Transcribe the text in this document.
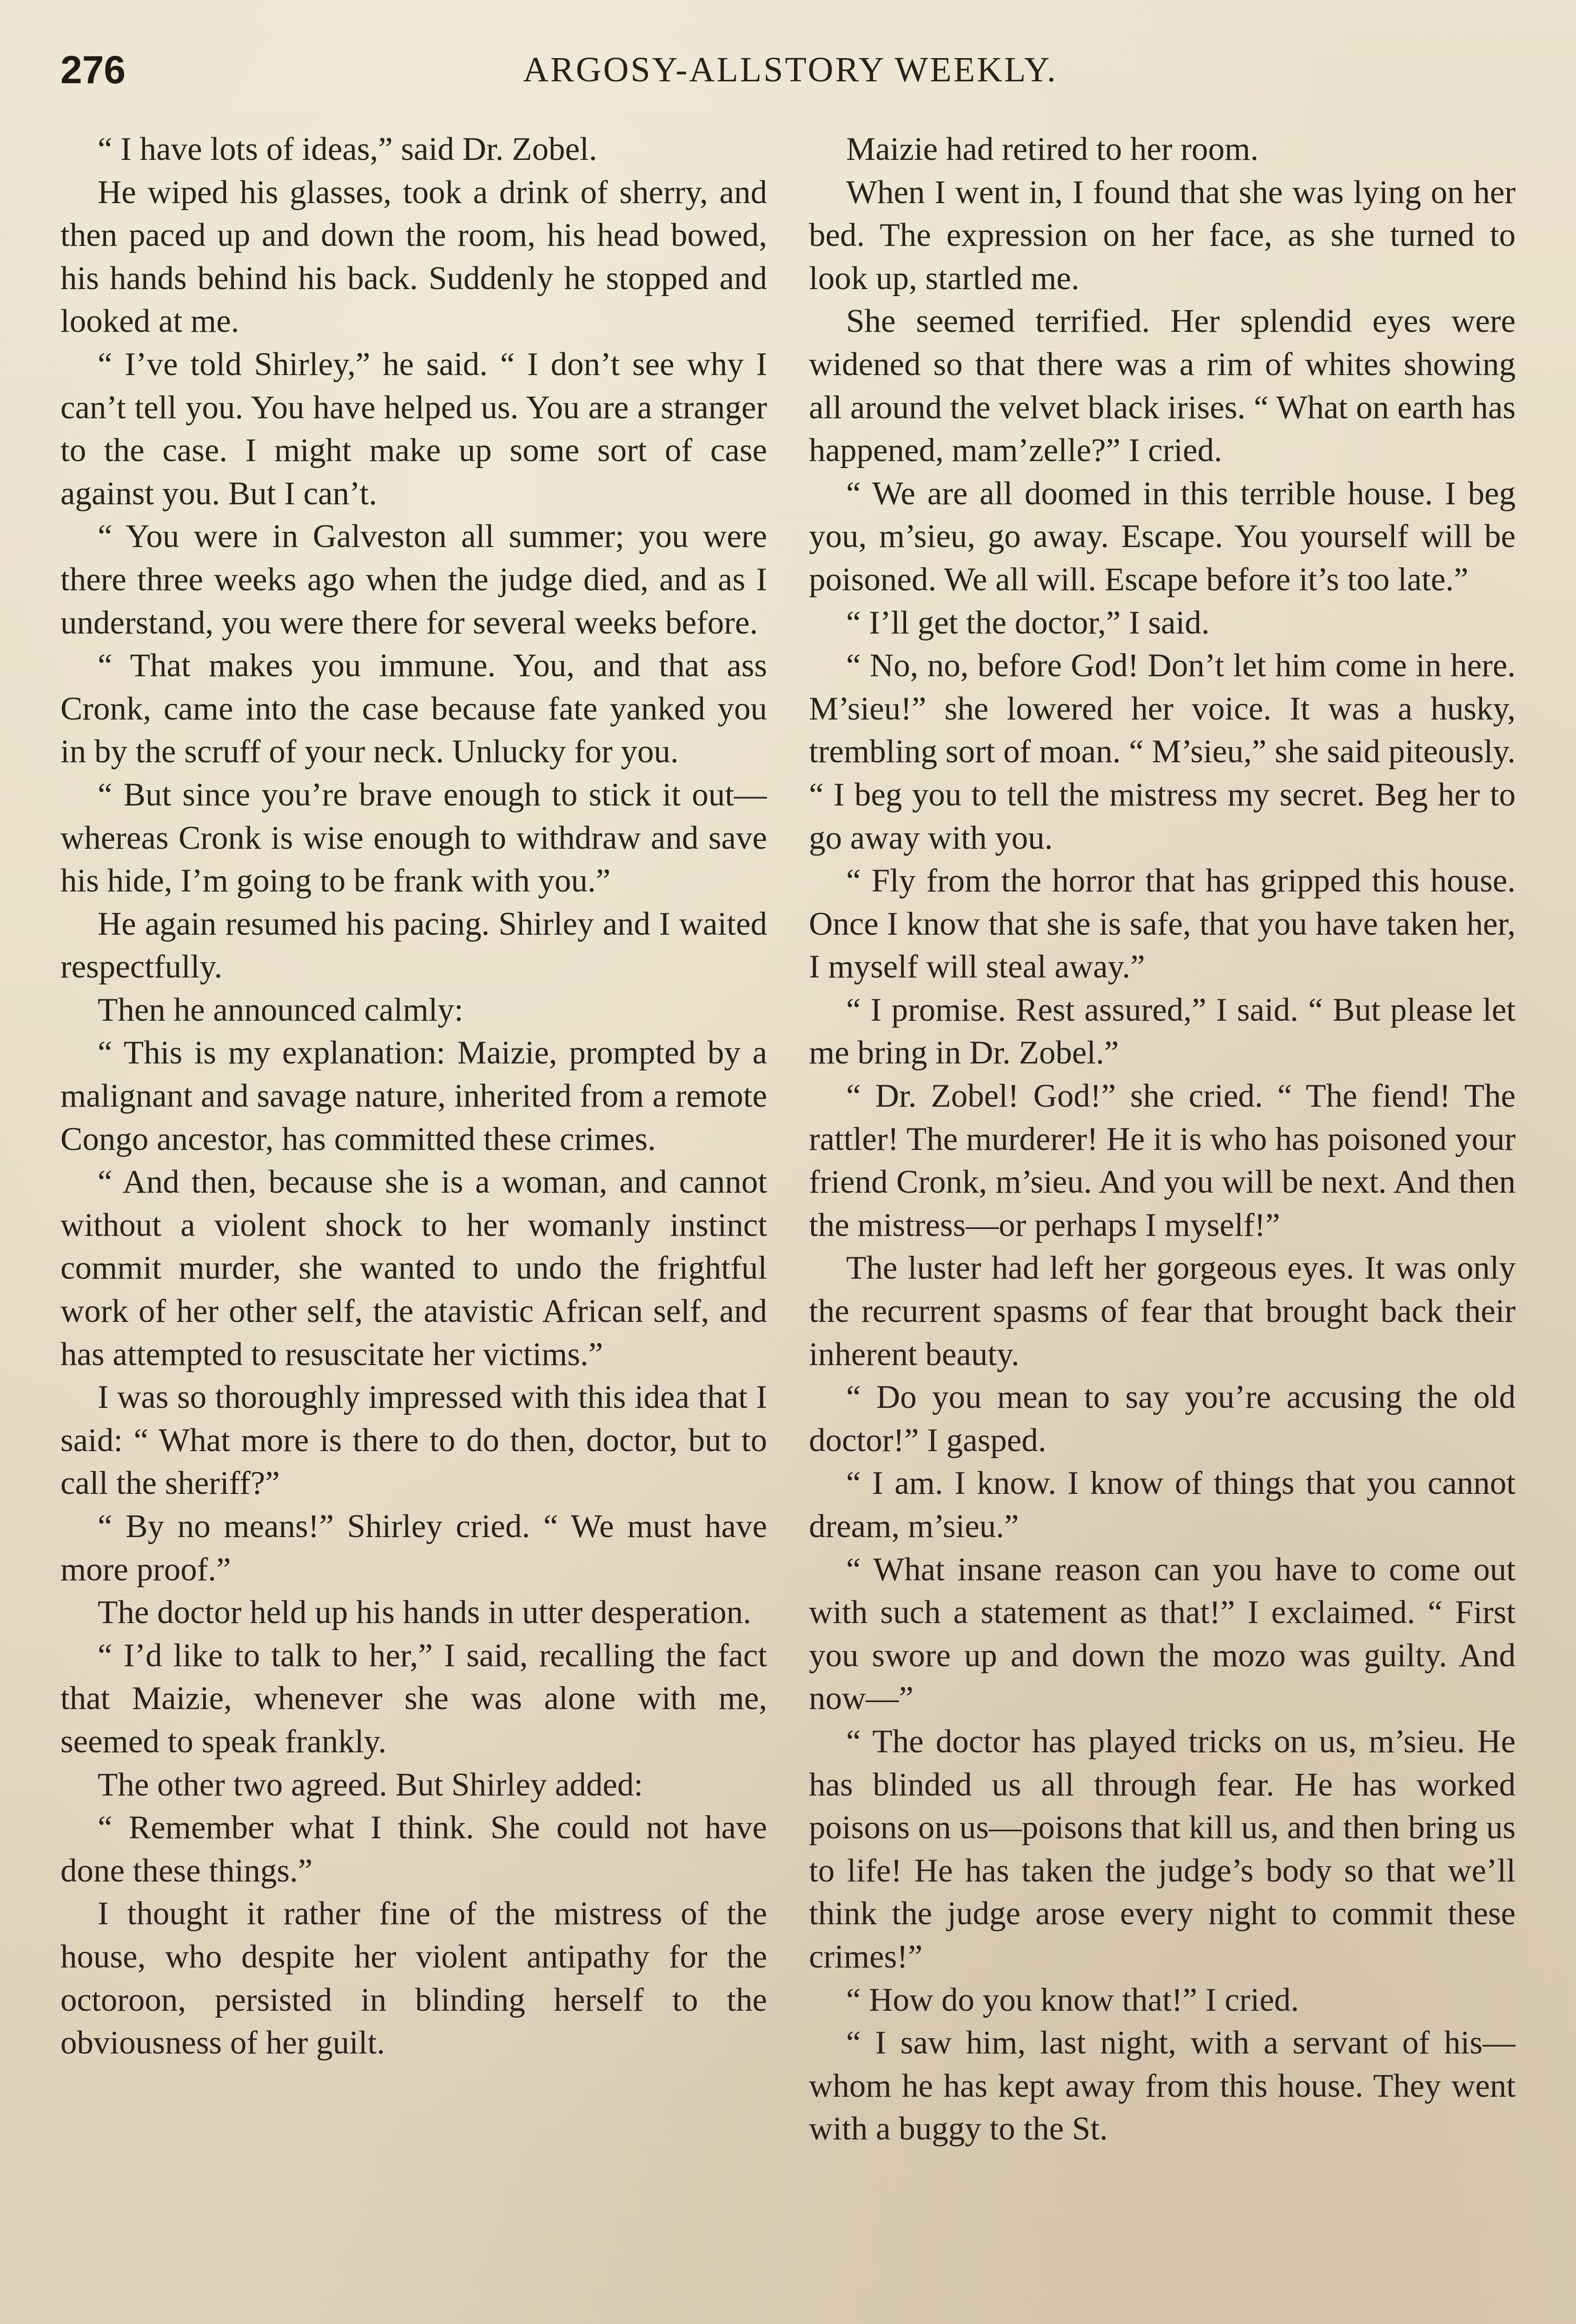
276	ARGOSY-ALLSTORY WEEKLY.

“ I have lots of ideas,” said Dr. Zobel.

He wiped his glasses, took a drink of sherry, and then paced up and down the room, his head bowed, his hands behind his back. Suddenly he stopped and looked at me.

“ I’ve told Shirley,” he said. “ I don’t see why I can’t tell you. You have helped us. You are a stranger to the case. I might make up some sort of case against you. But I can’t.

“ You were in Galveston all summer; you were there three weeks ago when the judge died, and as I understand, you were there for several weeks before.

“ That makes you immune. You, and that ass Cronk, came into the case because fate yanked you in by the scruff of your neck. Unlucky for you.

“ But since you’re brave enough to stick it out—whereas Cronk is wise enough to withdraw and save his hide, I’m going to be frank with you.”

He again resumed his pacing. Shirley and I waited respectfully.

Then he announced calmly:

“ This is my explanation: Maizie, prompted by a malignant and savage nature, inherited from a remote Congo ancestor, has committed these crimes.

“ And then, because she is a woman, and cannot without a violent shock to her womanly instinct commit murder, she wanted to undo the frightful work of her other self, the atavistic African self, and has attempted to resuscitate her victims.”

I was so thoroughly impressed with this idea that I said: “ What more is there to do then, doctor, but to call the sheriff?”

“ By no means!” Shirley cried. “ We must have more proof.”

The doctor held up his hands in utter desperation.

“ I’d like to talk to her,” I said, recalling the fact that Maizie, whenever she was alone with me, seemed to speak frankly.

The other two agreed. But Shirley added:

“ Remember what I think. She could not have done these things.”

I thought it rather fine of the mistress of the house, who despite her violent antipathy for the octoroon, persisted in blinding herself to the obviousness of her guilt.

Maizie had retired to her room.

When I went in, I found that she was lying on her bed. The expression on her face, as she turned to look up, startled me.

She seemed terrified. Her splendid eyes were widened so that there was a rim of whites showing all around the velvet black irises. “ What on earth has happened, mam’zelle?” I cried.

“ We are all doomed in this terrible house. I beg you, m’sieu, go away. Escape. You yourself will be poisoned. We all will. Escape before it’s too late.”

“ I’ll get the doctor,” I said.

“ No, no, before God! Don’t let him come in here. M’sieu!” she lowered her voice. It was a husky, trembling sort of moan. “ M’sieu,” she said piteously. “ I beg you to tell the mistress my secret. Beg her to go away with you.

“ Fly from the horror that has gripped this house. Once I know that she is safe, that you have taken her, I myself will steal away.”

“ I promise. Rest assured,” I said. “ But please let me bring in Dr. Zobel.”

“ Dr. Zobel! God!” she cried. “ The fiend! The rattler! The murderer! He it is who has poisoned your friend Cronk, m’sieu. And you will be next. And then the mistress—or perhaps I myself!”

The luster had left her gorgeous eyes. It was only the recurrent spasms of fear that brought back their inherent beauty.

“ Do you mean to say you’re accusing the old doctor!” I gasped.

“ I am. I know. I know of things that you cannot dream, m’sieu.”

“ What insane reason can you have to come out with such a statement as that!” I exclaimed. “ First you swore up and down the mozo was guilty. And now—”

“ The doctor has played tricks on us, m’sieu. He has blinded us all through fear. He has worked poisons on us—poisons that kill us, and then bring us to life! He has taken the judge’s body so that we’ll think the judge arose every night to commit these crimes!”

“ How do you know that!” I cried.

“ I saw him, last night, with a servant of his—whom he has kept away from this house. They went with a buggy to the St.
